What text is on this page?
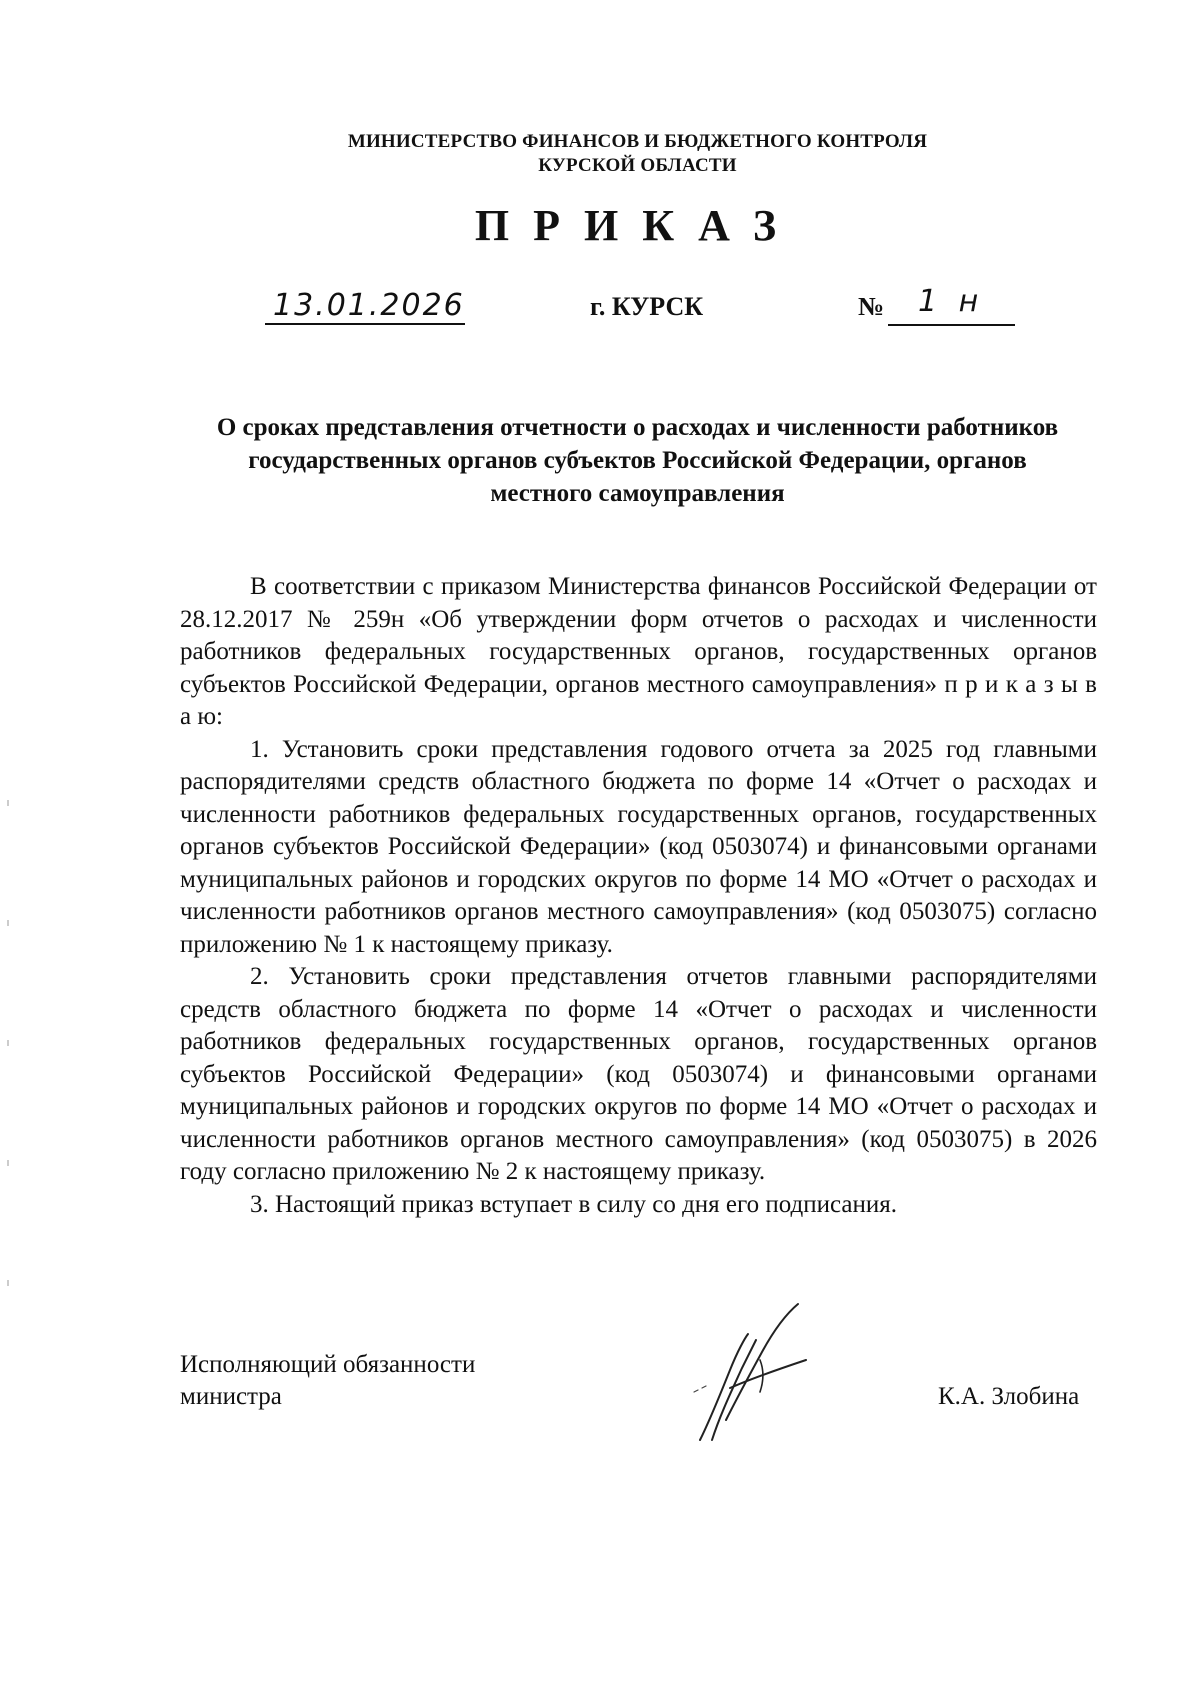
МИНИСТЕРСТВО ФИНАНСОВ И БЮДЖЕТНОГО КОНТРОЛЯ
КУРСКОЙ ОБЛАСТИ
ПРИКАЗ
13.01.2026	г. КУРСК	№ 1 н
О сроках представления отчетности о расходах и численности работников государственных органов субъектов Российской Федерации, органов местного самоуправления

В соответствии с приказом Министерства финансов Российской Федерации от 28.12.2017 № 259н «Об утверждении форм отчетов о расходах и численности работников федеральных государственных органов, государственных органов субъектов Российской Федерации, органов местного самоуправления» п р и к а з ы в а ю:

1. Установить сроки представления годового отчета за 2025 год главными распорядителями средств областного бюджета по форме 14 «Отчет о расходах и численности работников федеральных государственных органов, государственных органов субъектов Российской Федерации» (код 0503074) и финансовыми органами муниципальных районов и городских округов по форме 14 МО «Отчет о расходах и численности работников органов местного самоуправления» (код 0503075) согласно приложению № 1 к настоящему приказу.

2. Установить сроки представления отчетов главными распорядителями средств областного бюджета по форме 14 «Отчет о расходах и численности работников федеральных государственных органов, государственных органов субъектов Российской Федерации» (код 0503074) и финансовыми органами муниципальных районов и городских округов по форме 14 МО «Отчет о расходах и численности работников органов местного самоуправления» (код 0503075) в 2026 году согласно приложению № 2 к настоящему приказу.

3. Настоящий приказ вступает в силу со дня его подписания.

Исполняющий обязанности
министра	К.А. Злобина
